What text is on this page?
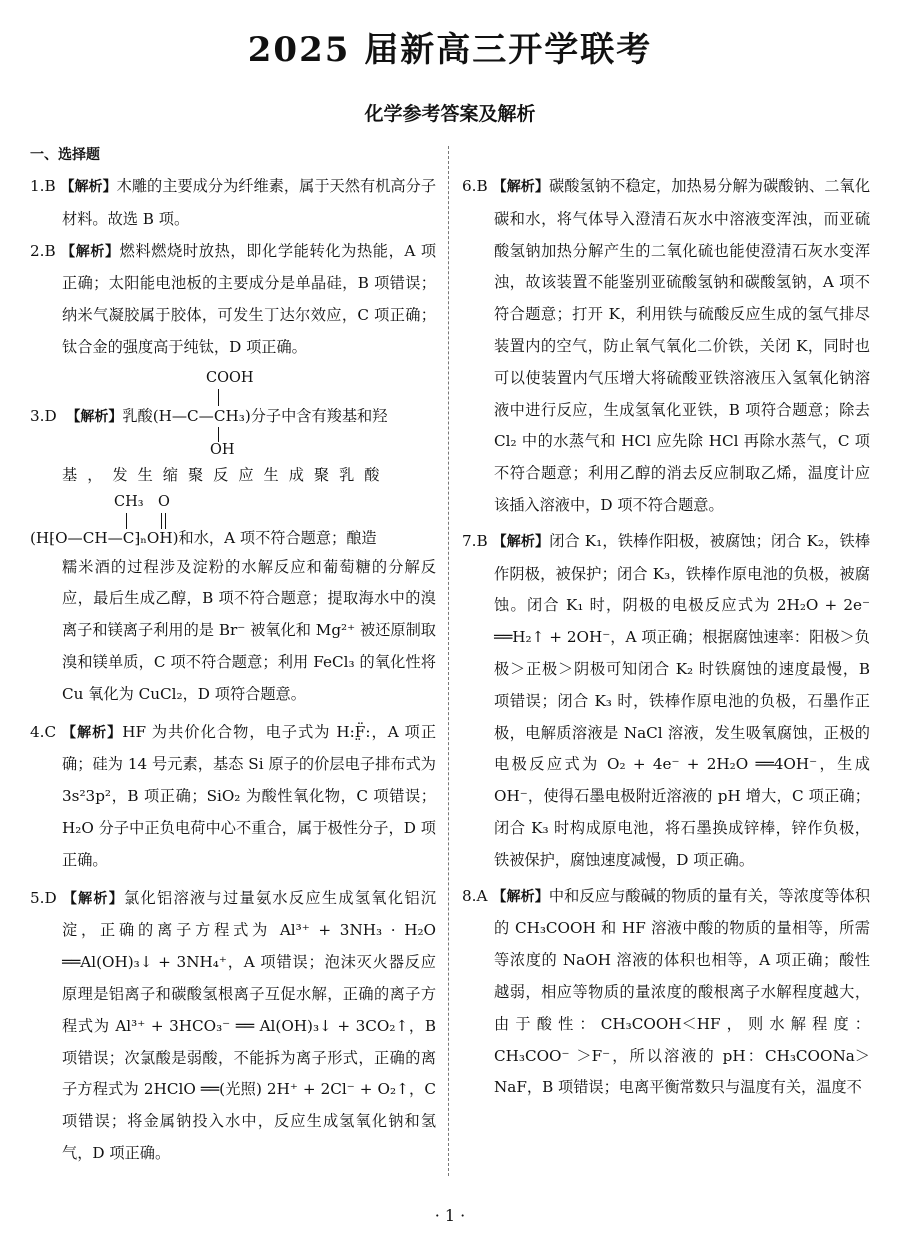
2025 届新高三开学联考
化学参考答案及解析
一、选择题
1.B 【解析】木雕的主要成分为纤维素，属于天然有机高分子材料。故选 B 项。
2.B 【解析】燃料燃烧时放热，即化学能转化为热能，A 项正确；太阳能电池板的主要成分是单晶硅，B 项错误；纳米气凝胶属于胶体，可发生丁达尔效应，C 项正确；钛合金的强度高于纯钛，D 项正确。
COOH
3.D 【解析】乳酸(H—C—CH₃)分子中含有羧基和羟
OH
基，发生缩聚反应生成聚乳酸
CH₃ O
(H⁅O—CH—C⁆ₙOH)和水，A 项不符合题意；酿造
糯米酒的过程涉及淀粉的水解反应和葡萄糖的分解反应，最后生成乙醇，B 项不符合题意；提取海水中的溴离子和镁离子利用的是 Br⁻ 被氧化和 Mg²⁺ 被还原制取溴和镁单质，C 项不符合题意；利用 FeCl₃ 的氧化性将 Cu 氧化为 CuCl₂，D 项符合题意。
4.C 【解析】HF 为共价化合物，电子式为 H:F̤̈:，A 项正确；硅为 14 号元素，基态 Si 原子的价层电子排布式为 3s²3p²，B 项正确；SiO₂ 为酸性氧化物，C 项错误；H₂O 分子中正负电荷中心不重合，属于极性分子，D 项正确。
5.D 【解析】氯化铝溶液与过量氨水反应生成氢氧化铝沉淀，正确的离子方程式为 Al³⁺ + 3NH₃ · H₂O ══Al(OH)₃↓ + 3NH₄⁺，A 项错误；泡沫灭火器反应原理是铝离子和碳酸氢根离子互促水解，正确的离子方程式为 Al³⁺ + 3HCO₃⁻ ══ Al(OH)₃↓ + 3CO₂↑，B 项错误；次氯酸是弱酸，不能拆为离子形式，正确的离子方程式为 2HClO ══(光照) 2H⁺ + 2Cl⁻ + O₂↑，C 项错误；将金属钠投入水中，反应生成氢氧化钠和氢气，D 项正确。
6.B 【解析】碳酸氢钠不稳定，加热易分解为碳酸钠、二氧化碳和水，将气体导入澄清石灰水中溶液变浑浊，而亚硫酸氢钠加热分解产生的二氧化硫也能使澄清石灰水变浑浊，故该装置不能鉴别亚硫酸氢钠和碳酸氢钠，A 项不符合题意；打开 K，利用铁与硫酸反应生成的氢气排尽装置内的空气，防止氧气氧化二价铁，关闭 K，同时也可以使装置内气压增大将硫酸亚铁溶液压入氢氧化钠溶液中进行反应，生成氢氧化亚铁，B 项符合题意；除去 Cl₂ 中的水蒸气和 HCl 应先除 HCl 再除水蒸气，C 项不符合题意；利用乙醇的消去反应制取乙烯，温度计应该插入溶液中，D 项不符合题意。
7.B 【解析】闭合 K₁，铁棒作阳极，被腐蚀；闭合 K₂，铁棒作阴极，被保护；闭合 K₃，铁棒作原电池的负极，被腐蚀。闭合 K₁ 时，阴极的电极反应式为 2H₂O + 2e⁻ ══H₂↑ + 2OH⁻，A 项正确；根据腐蚀速率：阳极＞负极＞正极＞阴极可知闭合 K₂ 时铁腐蚀的速度最慢，B 项错误；闭合 K₃ 时，铁棒作原电池的负极，石墨作正极，电解质溶液是 NaCl 溶液，发生吸氧腐蚀，正极的电极反应式为 O₂ + 4e⁻ + 2H₂O ══4OH⁻，生成 OH⁻，使得石墨电极附近溶液的 pH 增大，C 项正确；闭合 K₃ 时构成原电池，将石墨换成锌棒，锌作负极，铁被保护，腐蚀速度减慢，D 项正确。
8.A 【解析】中和反应与酸碱的物质的量有关，等浓度等体积的 CH₃COOH 和 HF 溶液中酸的物质的量相等，所需等浓度的 NaOH 溶液的体积也相等，A 项正确；酸性越弱，相应等物质的量浓度的酸根离子水解程度越大，由于酸性：CH₃COOH＜HF，则水解程度：CH₃COO⁻ ＞F⁻，所以溶液的 pH：CH₃COONa＞NaF，B 项错误；电离平衡常数只与温度有关，温度不
· 1 ·
